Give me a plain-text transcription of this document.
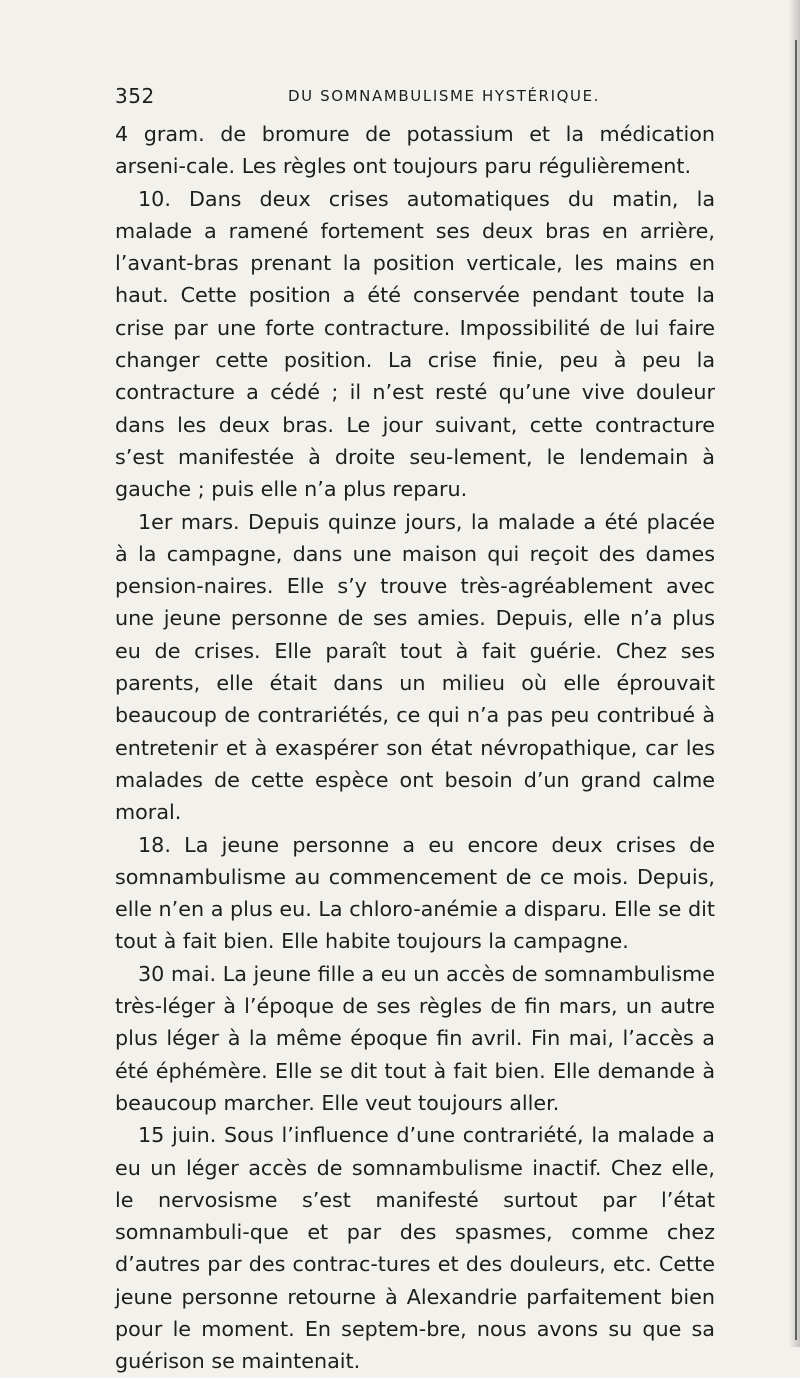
352	DU SOMNAMBULISME HYSTÉRIQUE.

4 gram. de bromure de potassium et la médication arseni-cale. Les règles ont toujours paru régulièrement.

10. Dans deux crises automatiques du matin, la malade a ramené fortement ses deux bras en arrière, l’avant-bras prenant la position verticale, les mains en haut. Cette position a été conservée pendant toute la crise par une forte contracture. Impossibilité de lui faire changer cette position. La crise finie, peu à peu la contracture a cédé ; il n’est resté qu’une vive douleur dans les deux bras. Le jour suivant, cette contracture s’est manifestée à droite seu-lement, le lendemain à gauche ; puis elle n’a plus reparu.

1er mars. Depuis quinze jours, la malade a été placée à la campagne, dans une maison qui reçoit des dames pension-naires. Elle s’y trouve très-agréablement avec une jeune personne de ses amies. Depuis, elle n’a plus eu de crises. Elle paraît tout à fait guérie. Chez ses parents, elle était dans un milieu où elle éprouvait beaucoup de contrariétés, ce qui n’a pas peu contribué à entretenir et à exaspérer son état névropathique, car les malades de cette espèce ont besoin d’un grand calme moral.

18. La jeune personne a eu encore deux crises de somnambulisme au commencement de ce mois. Depuis, elle n’en a plus eu. La chloro-anémie a disparu. Elle se dit tout à fait bien. Elle habite toujours la campagne.

30 mai. La jeune fille a eu un accès de somnambulisme très-léger à l’époque de ses règles de fin mars, un autre plus léger à la même époque fin avril. Fin mai, l’accès a été éphémère. Elle se dit tout à fait bien. Elle demande à beaucoup marcher. Elle veut toujours aller.

15 juin. Sous l’influence d’une contrariété, la malade a eu un léger accès de somnambulisme inactif. Chez elle, le nervosisme s’est manifesté surtout par l’état somnambuli-que et par des spasmes, comme chez d’autres par des contrac-tures et des douleurs, etc. Cette jeune personne retourne à Alexandrie parfaitement bien pour le moment. En septem-bre, nous avons su que sa guérison se maintenait.
